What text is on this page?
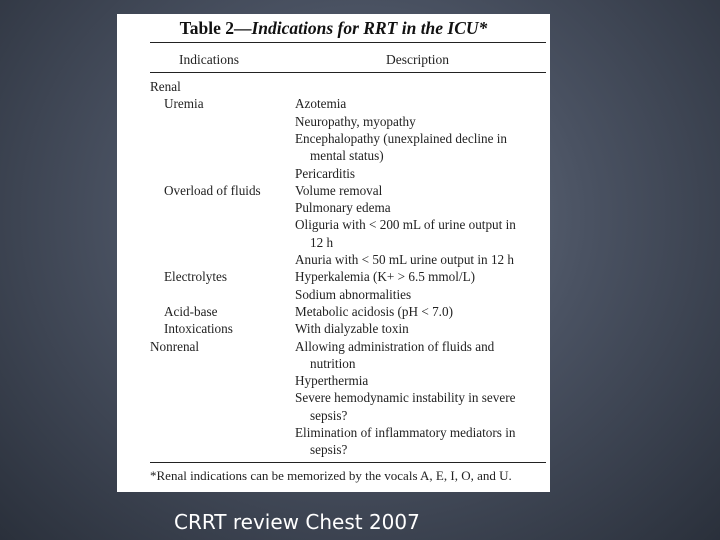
Table 2—Indications for RRT in the ICU*
Indications	Description
Renal
Uremia	Azotemia
Neuropathy, myopathy
Encephalopathy (unexplained decline in
mental status)
Pericarditis
Overload of fluids	Volume removal
Pulmonary edema
Oliguria with < 200 mL of urine output in
12 h
Anuria with < 50 mL urine output in 12 h
Electrolytes	Hyperkalemia (K+ > 6.5 mmol/L)
Sodium abnormalities
Acid-base	Metabolic acidosis (pH < 7.0)
Intoxications	With dialyzable toxin
Nonrenal	Allowing administration of fluids and
nutrition
Hyperthermia
Severe hemodynamic instability in severe
sepsis?
Elimination of inflammatory mediators in
sepsis?
*Renal indications can be memorized by the vocals A, E, I, O, and U.
CRRT review Chest 2007
